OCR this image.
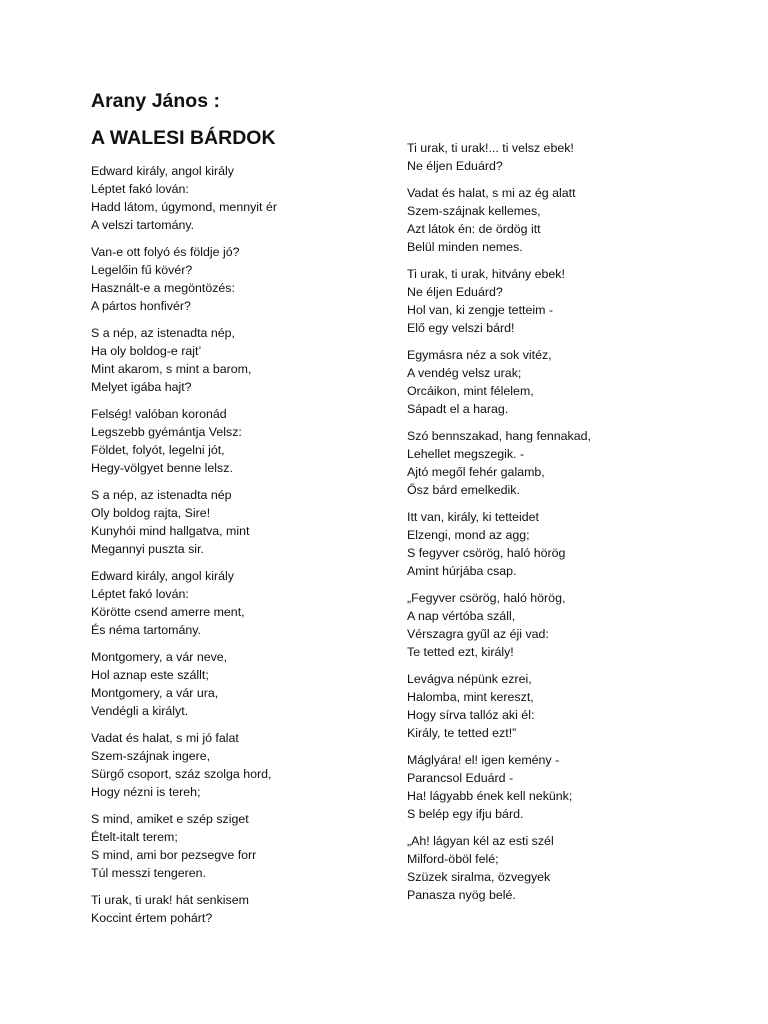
Arany János :
A WALESI BÁRDOK
Edward király, angol király
Léptet fakó lován:
Hadd látom, úgymond, mennyit ér
A velszi tartomány.
Van-e ott folyó és földje jó?
Legelőin fű kövér?
Használt-e a megöntözés:
A pártos honfivér?
S a nép, az istenadta nép,
Ha oly boldog-e rajt’
Mint akarom, s mint a barom,
Melyet igába hajt?
Felség! valóban koronád
Legszebb gyémántja Velsz:
Földet, folyót, legelni jót,
Hegy-völgyet benne lelsz.
S a nép, az istenadta nép
Oly boldog rajta, Sire!
Kunyhói mind hallgatva, mint
Megannyi puszta sir.
Edward király, angol király
Léptet fakó lován:
Körötte csend amerre ment,
És néma tartomány.
Montgomery, a vár neve,
Hol aznap este szállt;
Montgomery, a vár ura,
Vendégli a királyt.
Vadat és halat, s mi jó falat
Szem-szájnak ingere,
Sürgő csoport, száz szolga hord,
Hogy nézni is tereh;
S mind, amiket e szép sziget
Ételt-italt terem;
S mind, ami bor pezsegve forr
Túl messzi tengeren.
Ti urak, ti urak! hát senkisem
Koccint értem pohárt?
Ti urak, ti urak!... ti velsz ebek!
Ne éljen Eduárd?
Vadat és halat, s mi az ég alatt
Szem-szájnak kellemes,
Azt látok én: de ördög itt
Belül minden nemes.
Ti urak, ti urak, hitvány ebek!
Ne éljen Eduárd?
Hol van, ki zengje tetteim -
Elő egy velszi bárd!
Egymásra néz a sok vitéz,
A vendég velsz urak;
Orcáikon, mint félelem,
Sápadt el a harag.
Szó bennszakad, hang fennakad,
Lehellet megszegik. -
Ajtó megől fehér galamb,
Ősz bárd emelkedik.
Itt van, király, ki tetteidet
Elzengi, mond az agg;
S fegyver csörög, haló hörög
Amint húrjába csap.
„Fegyver csörög, haló hörög,
A nap vértóba száll,
Vérszagra gyűl az éji vad:
Te tetted ezt, király!
Levágva népünk ezrei,
Halomba, mint kereszt,
Hogy sírva tallóz aki él:
Király, te tetted ezt!”
Máglyára! el! igen kemény -
Parancsol Eduárd -
Ha! lágyabb ének kell nekünk;
S belép egy ifju bárd.
„Ah! lágyan kél az esti szél
Milford-öböl felé;
Szüzek siralma, özvegyek
Panasza nyög belé.
